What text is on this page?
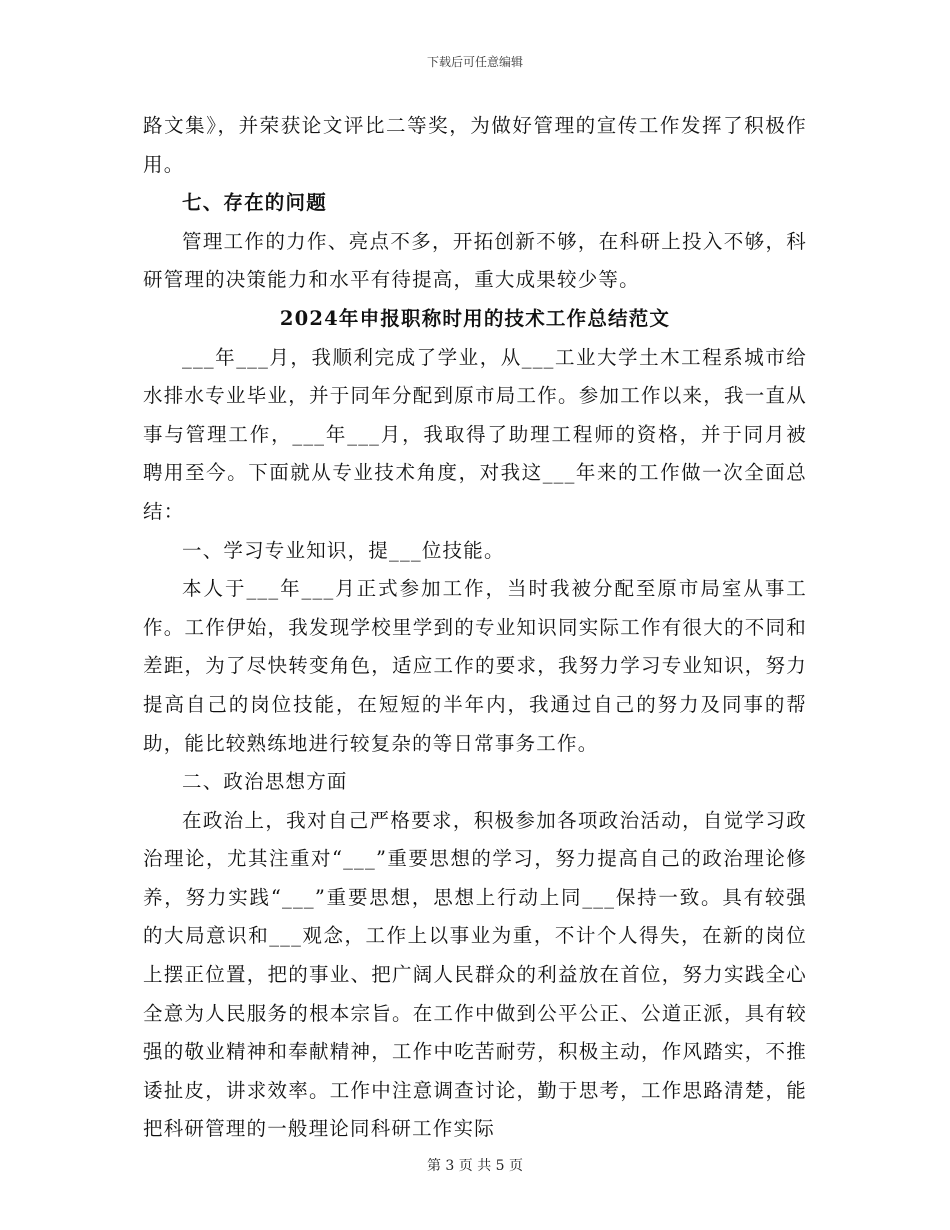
下载后可任意编辑

路文集》，并荣获论文评比二等奖，为做好管理的宣传工作发挥了积极作用。

七、存在的问题

管理工作的力作、亮点不多，开拓创新不够，在科研上投入不够，科研管理的决策能力和水平有待提高，重大成果较少等。

2024年申报职称时用的技术工作总结范文

___年___月，我顺利完成了学业，从___工业大学土木工程系城市给水排水专业毕业，并于同年分配到原市局工作。参加工作以来，我一直从事与管理工作，___年___月，我取得了助理工程师的资格，并于同月被聘用至今。下面就从专业技术角度，对我这___年来的工作做一次全面总结：

一、学习专业知识，提___位技能。

本人于___年___月正式参加工作，当时我被分配至原市局室从事工作。工作伊始，我发现学校里学到的专业知识同实际工作有很大的不同和差距，为了尽快转变角色，适应工作的要求，我努力学习专业知识，努力提高自己的岗位技能，在短短的半年内，我通过自己的努力及同事的帮助，能比较熟练地进行较复杂的等日常事务工作。

二、政治思想方面

在政治上，我对自己严格要求，积极参加各项政治活动，自觉学习政治理论，尤其注重对“___”重要思想的学习，努力提高自己的政治理论修养，努力实践“___”重要思想，思想上行动上同___保持一致。具有较强的大局意识和___观念，工作上以事业为重，不计个人得失，在新的岗位上摆正位置，把的事业、把广阔人民群众的利益放在首位，努力实践全心全意为人民服务的根本宗旨。在工作中做到公平公正、公道正派，具有较强的敬业精神和奉献精神，工作中吃苦耐劳，积极主动，作风踏实，不推诿扯皮，讲求效率。工作中注意调查讨论，勤于思考，工作思路清楚，能把科研管理的一般理论同科研工作实际

第 3 页 共 5 页
